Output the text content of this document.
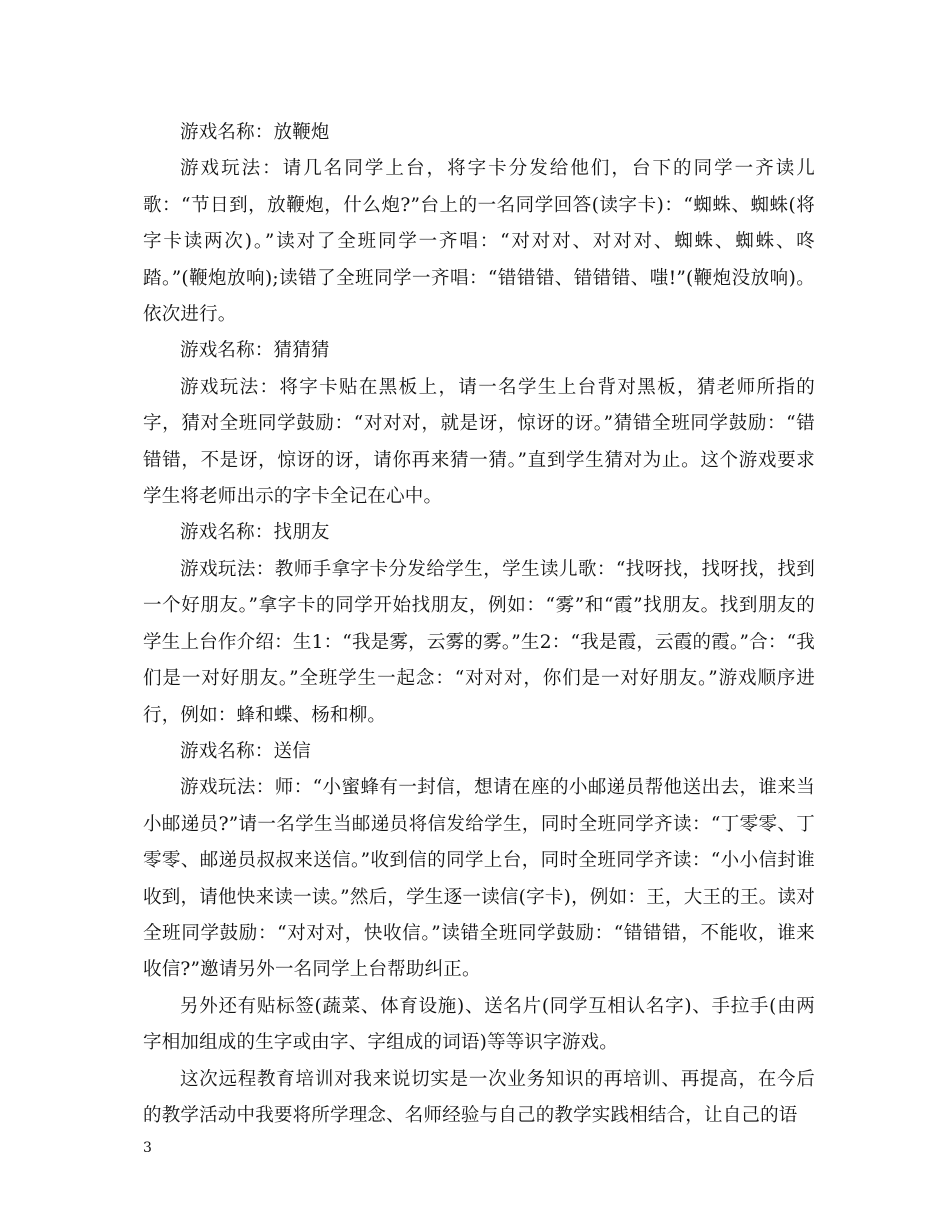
游戏名称：放鞭炮

游戏玩法：请几名同学上台，将字卡分发给他们，台下的同学一齐读儿歌：“节日到，放鞭炮，什么炮?”台上的一名同学回答(读字卡)：“蜘蛛、蜘蛛(将字卡读两次)。”读对了全班同学一齐唱：“对对对、对对对、蜘蛛、蜘蛛、咚踏。”(鞭炮放响);读错了全班同学一齐唱：“错错错、错错错、嗤!”(鞭炮没放响)。依次进行。

游戏名称：猜猜猜

游戏玩法：将字卡贴在黑板上，请一名学生上台背对黑板，猜老师所指的字，猜对全班同学鼓励：“对对对，就是讶，惊讶的讶。”猜错全班同学鼓励：“错错错，不是讶，惊讶的讶，请你再来猜一猜。”直到学生猜对为止。这个游戏要求学生将老师出示的字卡全记在心中。

游戏名称：找朋友

游戏玩法：教师手拿字卡分发给学生，学生读儿歌：“找呀找，找呀找，找到一个好朋友。”拿字卡的同学开始找朋友，例如：“雾”和“霞”找朋友。找到朋友的学生上台作介绍：生1：“我是雾，云雾的雾。”生2：“我是霞，云霞的霞。”合：“我们是一对好朋友。”全班学生一起念：“对对对，你们是一对好朋友。”游戏顺序进行，例如：蜂和蝶、杨和柳。

游戏名称：送信

游戏玩法：师：“小蜜蜂有一封信，想请在座的小邮递员帮他送出去，谁来当小邮递员?”请一名学生当邮递员将信发给学生，同时全班同学齐读：“丁零零、丁零零、邮递员叔叔来送信。”收到信的同学上台，同时全班同学齐读：“小小信封谁收到，请他快来读一读。”然后，学生逐一读信(字卡)，例如：王，大王的王。读对全班同学鼓励：“对对对，快收信。”读错全班同学鼓励：“错错错，不能收，谁来收信?”邀请另外一名同学上台帮助纠正。

另外还有贴标签(蔬菜、体育设施)、送名片(同学互相认名字)、手拉手(由两字相加组成的生字或由字、字组成的词语)等等识字游戏。

这次远程教育培训对我来说切实是一次业务知识的再培训、再提高，在今后的教学活动中我要将所学理念、名师经验与自己的教学实践相结合，让自己的语

3
